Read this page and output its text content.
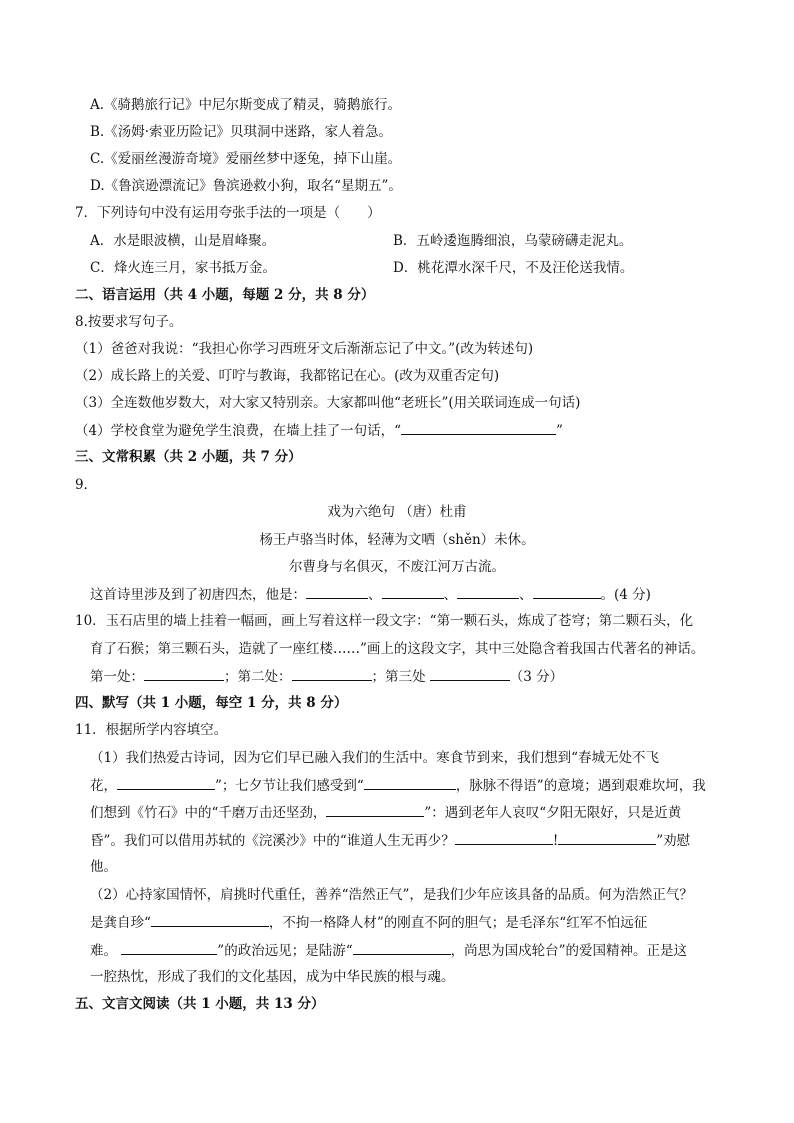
A.《骑鹅旅行记》中尼尔斯变成了精灵，骑鹅旅行。
B.《汤姆·索亚历险记》贝琪洞中迷路，家人着急。
C.《爱丽丝漫游奇境》爱丽丝梦中逐兔，掉下山崖。
D.《鲁滨逊漂流记》鲁滨逊救小狗，取名“星期五”。
7．下列诗句中没有运用夸张手法的一项是（　　）
A．水是眼波横，山是眉峰聚。	B．五岭逶迤腾细浪，乌蒙磅礴走泥丸。
C．烽火连三月，家书抵万金。	D．桃花潭水深千尺，不及汪伦送我情。
二、语言运用（共 4 小题，每题 2 分，共 8 分）
8.按要求写句子。
（1）爸爸对我说：“我担心你学习西班牙文后渐渐忘记了中文。”(改为转述句)
（2）成长路上的关爱、叮咛与教诲，我都铭记在心。(改为双重否定句)
（3）全连数他岁数大，对大家又特别亲。大家都叫他“老班长”(用关联词连成一句话)
（4）学校食堂为避免学生浪费，在墙上挂了一句话，“	”
三、文常积累（共 2 小题，共 7 分）
9．
戏为六绝句 （唐）杜甫
杨王卢骆当时体，轻薄为文哂（shěn）未休。
尔曹身与名俱灭，不废江河万古流。
这首诗里涉及到了初唐四杰，他是：	、	、	、	。(4 分)
10．玉石店里的墙上挂着一幅画，画上写着这样一段文字：“第一颗石头，炼成了苍穹；第二颗石头，化
育了石猴；第三颗石头，造就了一座红楼……”画上的这段文字，其中三处隐含着我国古代著名的神话。
第一处：	；第二处：	；第三处	（3 分）
四、默写（共 1 小题，每空 1 分，共 8 分）
11．根据所学内容填空。
（1）我们热爱古诗词，因为它们早已融入我们的生活中。寒食节到来，我们想到“春城无处不飞
花，	”；七夕节让我们感受到“	，脉脉不得语”的意境；遇到艰难坎坷，我
们想到《竹石》中的“千磨万击还坚劲，	”：遇到老年人哀叹“夕阳无限好，只是近黄
昏”。我们可以借用苏轼的《浣溪沙》中的“谁道人生无再少？	!	”劝慰
他。
（2）心持家国情怀，肩挑时代重任，善养“浩然正气”，是我们少年应该具备的品质。何为浩然正气？
是龚自珍“	，不拘一格降人材”的刚直不阿的胆气；是毛泽东“红军不怕远征
难。	”的政治远见；是陆游“	，尚思为国戍轮台”的爱国精神。正是这
一腔热忱，形成了我们的文化基因，成为中华民族的根与魂。
五、文言文阅读（共 1 小题，共 13 分）
